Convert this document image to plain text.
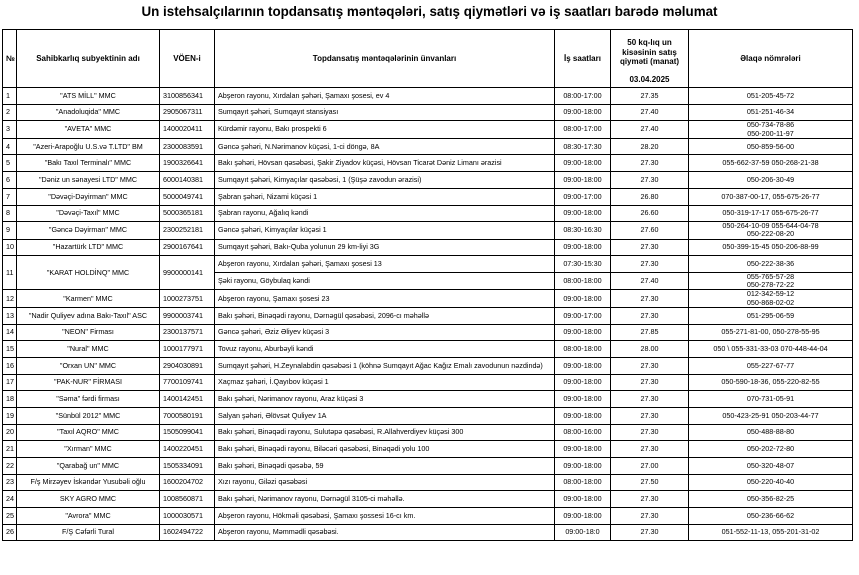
Un istehsalçılarının topdansatış məntəqələri, satış qiymətləri və iş saatları barədə məlumat
№	Sahibkarlıq subyektinin adı	VÖEN-i	Topdansatış məntəqələrinin ünvanları	İş saatları	50 kq-lıq un
kisəsinin satış
qiyməti (manat)
03.04.2025	Əlaqə nömrələri
1	"ATS MİLL" MMC	3100856341	Abşeron rayonu, Xırdalan şəhəri, Şamaxı şosesi, ev 4	08:00-17:00	27.35	051-205-45-72
2	"Anadoluqida" MMC	2905067311	Sumqayıt şəhəri, Sumqayıt stansiyası	09:00-18:00	27.40	051-251-46-34
3	"AVETA" MMC	1400020411	Kürdəmir rayonu, Bakı prospekti 6	08:00-17:00	27.40	050-734-78-86
050-200-11-97

4	"Azeri-Arapoğlu U.S.və T.LTD" BM	2300083591	Gəncə şəhəri, N.Nərimanov küçəsi, 1-ci döngə, 8A	08:30-17:30	28.20	050-859-56-00
5	"Bakı Taxıl Terminalı" MMC	1900326641	Bakı şəhəri, Hövsan qəsəbəsi, Şakir Ziyadov küçəsi, Hövsan Ticarət Dəniz Limanı ərazisi	09:00-18:00	27.30	055-662-37-59 050-268-21-38
6	"Dəniz un sənayesi LTD" MMC	6000140381	Sumqayıt şəhəri, Kimyaçılar qəsəbəsi, 1 (Şüşə zavodun ərazisi)	09:00-18:00	27.30	050-206-30-49
7	"Dəvəçi-Dəyirman" MMC	5000049741	Şabran şəhəri, Nizami küçəsi 1	09:00-17:00	26.80	070-387-00-17, 055-675-26-77
8	"Dəvəçi-Taxıl" MMC	5000365181	Şabran rayonu, Ağalıq kəndi	09:00-18:00	26.60	050-319-17-17 055-675-26-77
9	"Gəncə Dəyirman" MMC	2300252181	Gəncə şəhəri, Kimyaçılar küçəsi 1	08:30-16:30	27.60	050-264-10-09 055-644-04-78
050-222-08-20

10	"Hazartürk LTD" MMC	2900167641	Sumqayıt şəhəri, Bakı-Quba yolunun 29 km-liyi 3G	09:00-18:00	27.30	050-399-15-45 050-206-88-99
11	"KARAT HOLDİNQ" MMC	9900000141	Abşeron rayonu, Xırdalan şəhəri, Şamaxı şosesi 13	07:30-15:30	27.30	050-222-38-36
			Şəki rayonu, Göybulaq kəndi	08:00-18:00	27.40	055-765-57-28
050-278-72-22

12	"Karmen" MMC	1000273751	Abşeron rayonu, Şamaxı şosesi 23	09:00-18:00	27.30	012-342-59-12
050-868-02-02

13	"Nadir Quliyev adına Bakı-Taxıl" ASC	9900003741	Bakı şəhəri, Binəqədi rayonu, Dərnəgül qəsəbəsi, 2096-cı məhəllə	09:00-17:00	27.30	051-295-06-59
14	"NEON" Firması	2300137571	Gəncə şəhəri, Əziz Əliyev küçəsi 3	09:00-18:00	27.85	055-271-81-00, 050-278-55-95
15	"Nural" MMC	1000177971	Tovuz rayonu, Aburbəyli kəndi	08:00-18:00	28.00	050 \ 055-331-33-03 070-448-44-04
16	"Orxan UN" MMC	2904030891	Sumqayıt şəhəri, H.Zeynalabdin qəsəbəsi 1 (köhnə Sumqayıt Ağac Kağız Emalı zavodunun nəzdində)	09:00-18:00	27.30	055-227-67-77
17	"PAK-NUR" FİRMASI	7700109741	Xaçmaz şəhəri, İ.Qayıbov küçəsi 1	09:00-18:00	27.30	050-590-18-36, 055-220-82-55
18	"Səma" fərdi firması	1400142451	Bakı şəhəri, Nərimanov rayonu, Araz küçəsi 3	09:00-18:00	27.30	070-731-05-91
19	"Sünbül 2012" MMC	7000580191	Salyan şəhəri, Əlövsət Quliyev 1A	09:00-18:00	27.30	050-423-25-91 050-203-44-77
20	"Taxıl AQRO" MMC	1505099041	Bakı şəhəri, Binəqədi rayonu, Sulutəpə qəsəbəsi, R.Allahverdiyev küçəsi 300	08:00-16:00	27.30	050-488-88-80
21	"Xırman" MMC	1400220451	Bakı şəhəri, Binəqədi rayonu, Biləcəri qəsəbəsi, Binəqədi yolu 100	09:00-18:00	27.30	050-202-72-80
22	"Qarabağ un" MMC	1505334091	Bakı şəhəri, Binəqədi qəsəbə, 59	09:00-18:00	27.00	050-320-48-07
23	F/ş Mirzəyev İskəndər Yusubəli oğlu	1600204702	Xızı rayonu, Giləzi qəsəbəsi	08:00-18:00	27.50	050-220-40-40
24	SKY AGRO MMC	1008560871	Bakı şəhəri, Nərimanov rayonu, Dərnəgül 3105-ci məhəllə.	09:00-18:00	27.30	050-356-82-25
25	"Avrora" MMC	1000030571	Abşeron rayonu, Hökməli qəsəbəsi, Şamaxı şossesi 16-cı km.	09:00-18:00	27.30	050-236-66-62
26	F/Ş Cəfərli Tural	1602494722	Abşeron rayonu, Məmmədli qəsəbəsi.	09:00-18:0	27.30	051-552-11-13, 055-201-31-02
